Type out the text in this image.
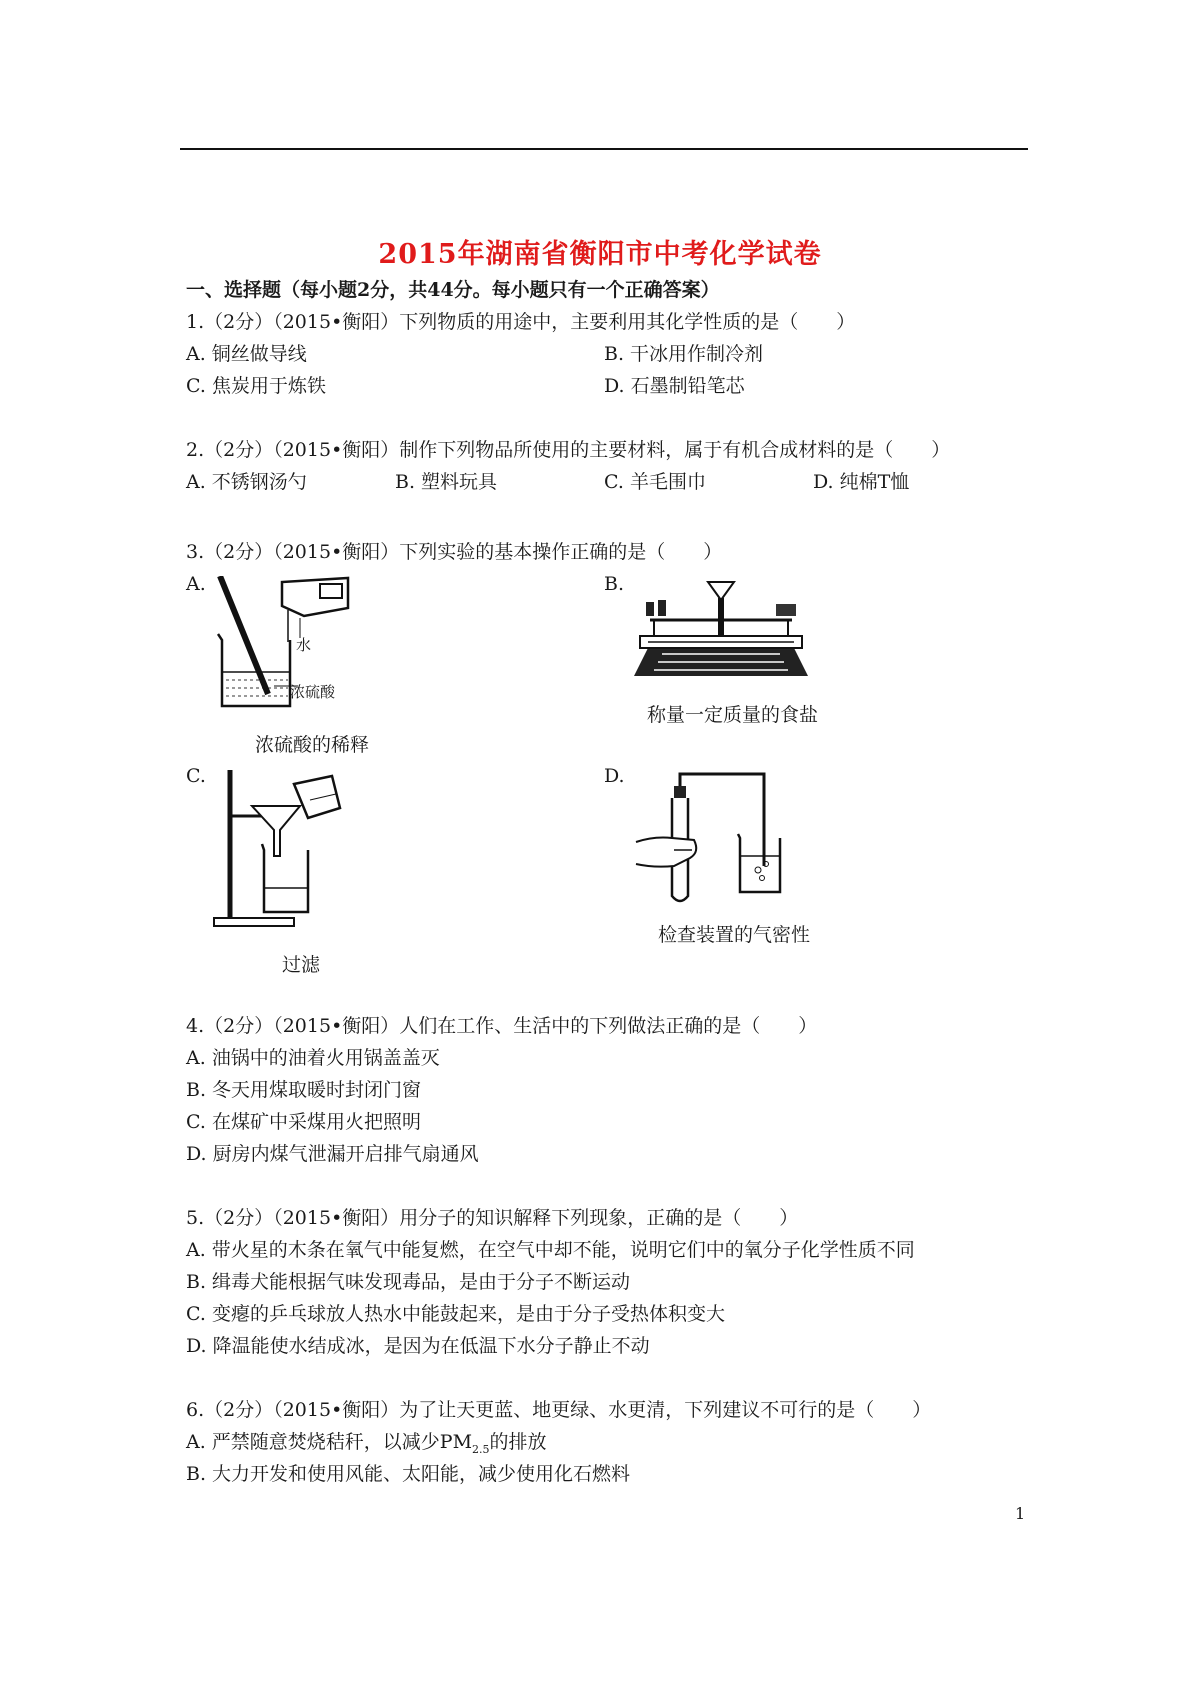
2015年湖南省衡阳市中考化学试卷
一、选择题（每小题2分，共44分。每小题只有一个正确答案）
1.（2分）（2015•衡阳）下列物质的用途中，主要利用其化学性质的是（　　）
A. 铜丝做导线	B. 干冰用作制冷剂
C. 焦炭用于炼铁	D. 石墨制铅笔芯
2.（2分）（2015•衡阳）制作下列物品所使用的主要材料，属于有机合成材料的是（　　）
A. 不锈钢汤勺	B. 塑料玩具	C. 羊毛围巾	D. 纯棉T恤
3.（2分）（2015•衡阳）下列实验的基本操作正确的是（　　）
A.	B.
水
浓硫酸
浓硫酸的稀释
称量一定质量的食盐
C.	D.
过滤
检查装置的气密性
4.（2分）（2015•衡阳）人们在工作、生活中的下列做法正确的是（　　）
A. 油锅中的油着火用锅盖盖灭
B. 冬天用煤取暖时封闭门窗
C. 在煤矿中采煤用火把照明
D. 厨房内煤气泄漏开启排气扇通风
5.（2分）（2015•衡阳）用分子的知识解释下列现象，正确的是（　　）
A. 带火星的木条在氧气中能复燃，在空气中却不能，说明它们中的氧分子化学性质不同
B. 缉毒犬能根据气味发现毒品，是由于分子不断运动
C. 变瘪的乒乓球放人热水中能鼓起来，是由于分子受热体积变大
D. 降温能使水结成冰，是因为在低温下水分子静止不动
6.（2分）（2015•衡阳）为了让天更蓝、地更绿、水更清，下列建议不可行的是（　　）
A. 严禁随意焚烧秸秆，以减少$PM_{2.5}$的排放
B. 大力开发和使用风能、太阳能，减少使用化石燃料
1
